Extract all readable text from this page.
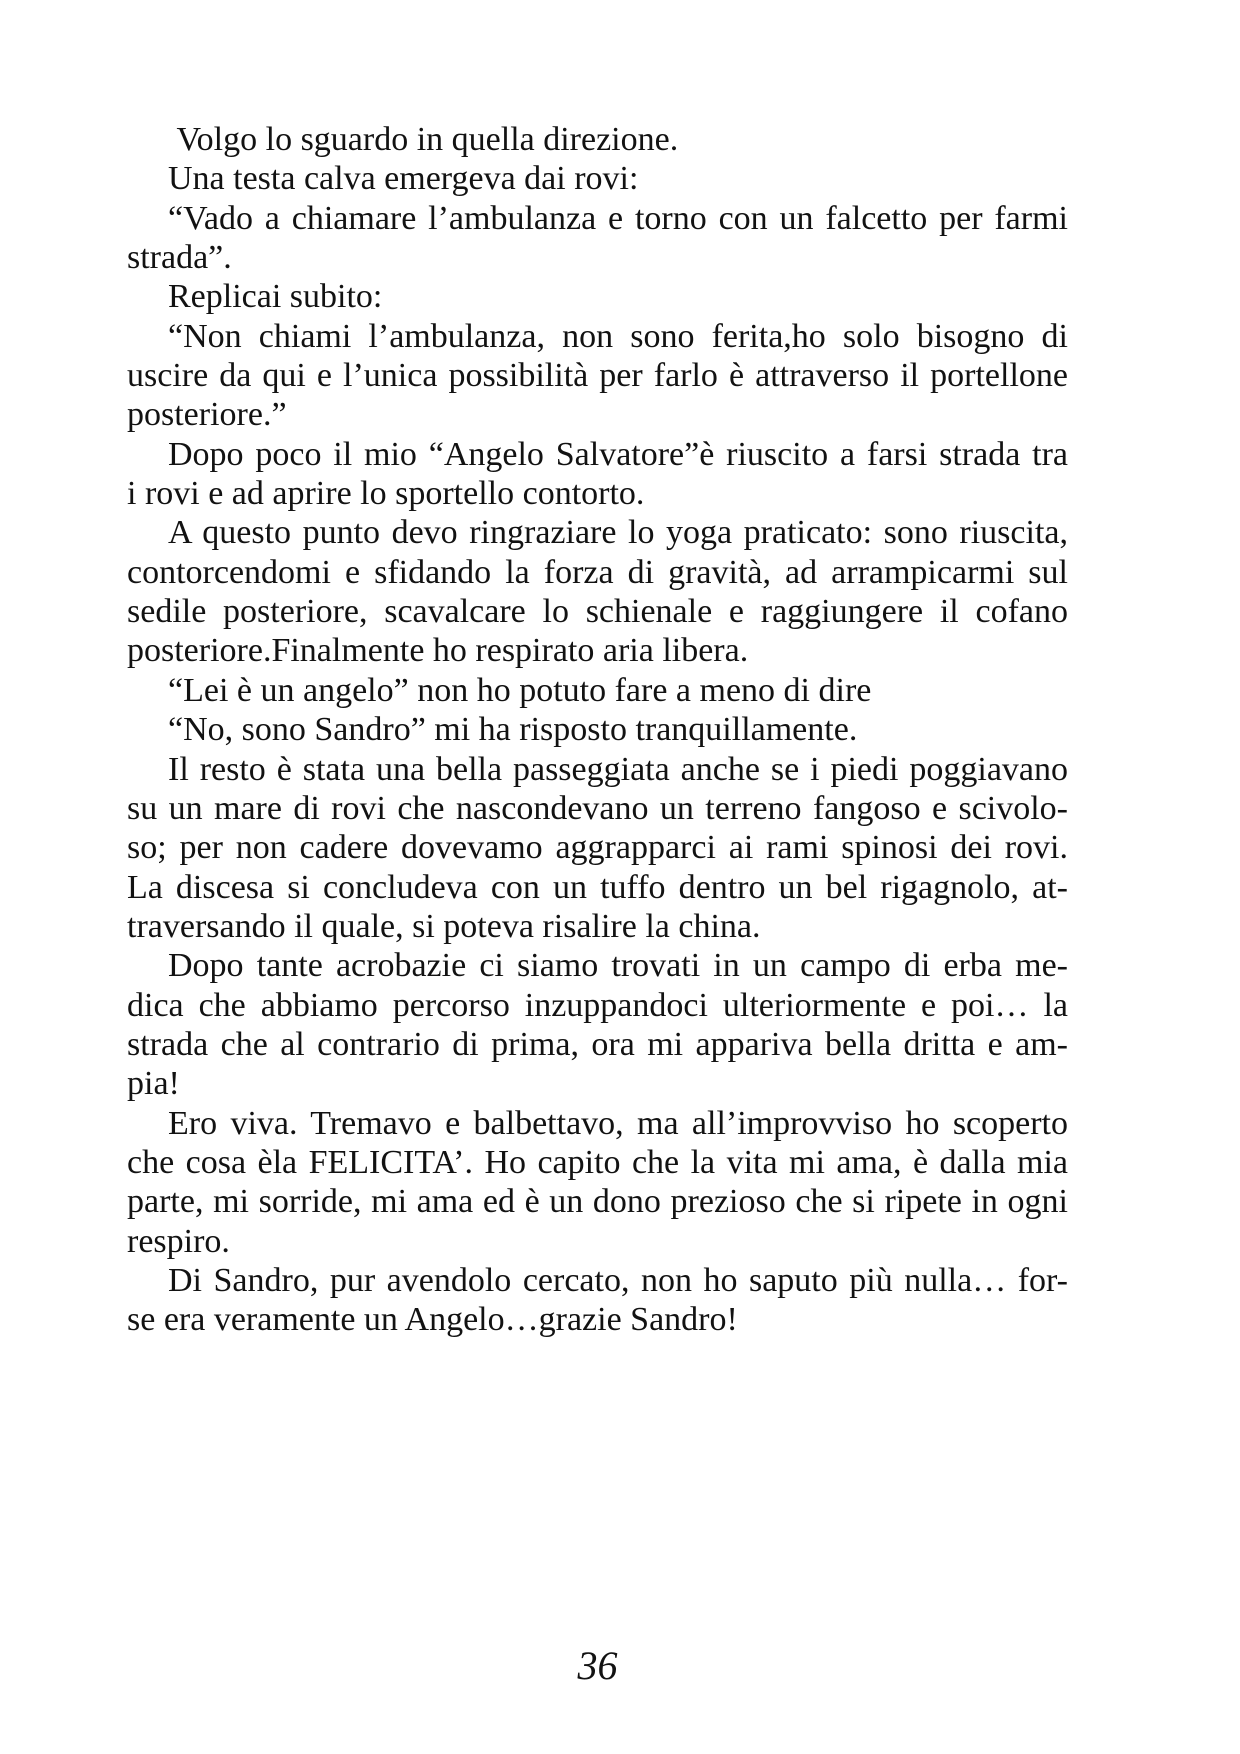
Volgo lo sguardo in quella direzione.
Una testa calva emergeva dai rovi:
“Vado a chiamare l’ambulanza e torno con un falcetto per farmi
strada”.
Replicai subito:
“Non chiami l’ambulanza, non sono ferita,ho solo bisogno di
uscire da qui e l’unica possibilità per farlo è attraverso il portellone
posteriore.”
Dopo poco il mio “Angelo Salvatore”è riuscito a farsi strada tra
i rovi e ad aprire lo sportello contorto.
A questo punto devo ringraziare lo yoga praticato: sono riuscita,
contorcendomi e sfidando la forza di gravità, ad arrampicarmi sul
sedile posteriore, scavalcare lo schienale e raggiungere il cofano
posteriore.Finalmente ho respirato aria libera.
“Lei è un angelo” non ho potuto fare a meno di dire
“No, sono Sandro” mi ha risposto tranquillamente.
Il resto è stata una bella passeggiata anche se i piedi poggiavano
su un mare di rovi che nascondevano un terreno fangoso e scivolo-
so; per non cadere dovevamo aggrapparci ai rami spinosi dei rovi.
La discesa si concludeva con un tuffo dentro un bel rigagnolo, at-
traversando il quale, si poteva risalire la china.
Dopo tante acrobazie ci siamo trovati in un campo di erba me-
dica che abbiamo percorso inzuppandoci ulteriormente e poi… la
strada che al contrario di prima, ora mi appariva bella dritta e am-
pia!
Ero viva. Tremavo e balbettavo, ma all’improvviso ho scoperto
che cosa èla FELICITA’. Ho capito che la vita mi ama, è dalla mia
parte, mi sorride, mi ama ed è un dono prezioso che si ripete in ogni
respiro.
Di Sandro, pur avendolo cercato, non ho saputo più nulla… for-
se era veramente un Angelo…grazie Sandro!
36
